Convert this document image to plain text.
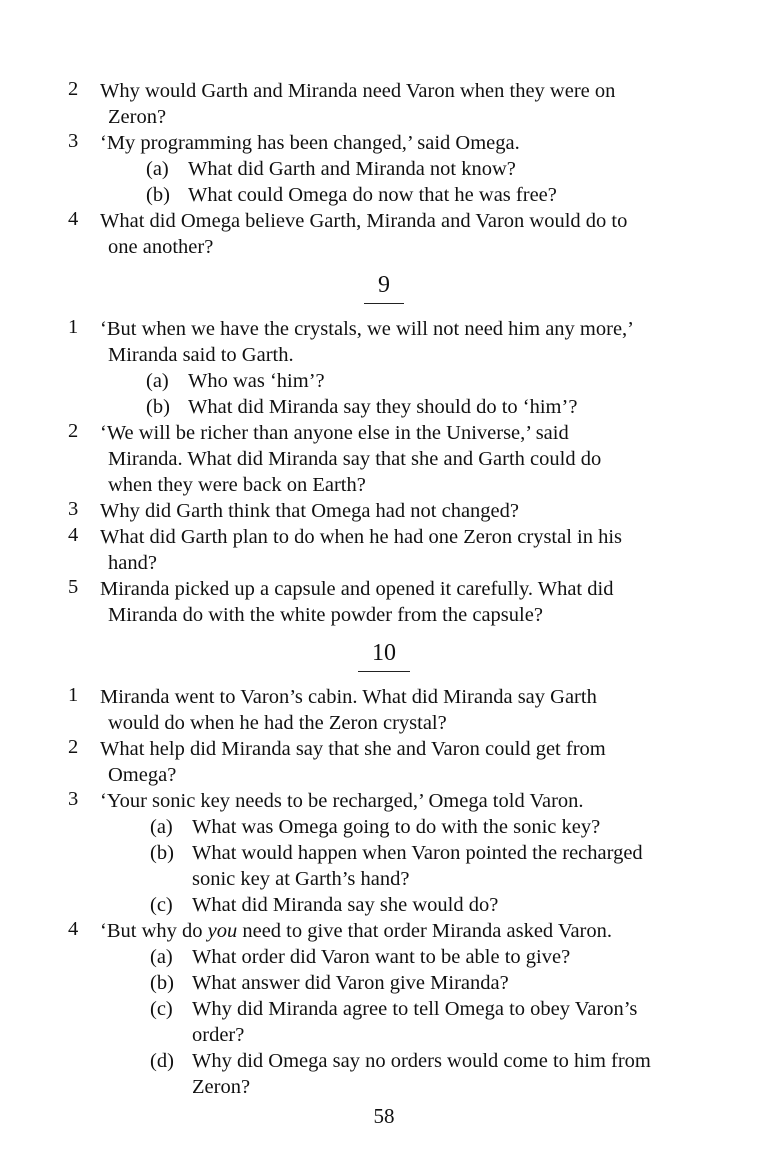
2	Why would Garth and Miranda need Varon when they were on
Zeron?
3	‘My programming has been changed,’ said Omega.
(a) What did Garth and Miranda not know?
(b) What could Omega do now that he was free?
4	What did Omega believe Garth, Miranda and Varon would do to
one another?
9
1	‘But when we have the crystals, we will not need him any more,’
Miranda said to Garth.
(a) Who was ‘him’?
(b) What did Miranda say they should do to ‘him’?
2	‘We will be richer than anyone else in the Universe,’ said
Miranda. What did Miranda say that she and Garth could do
when they were back on Earth?
3	Why did Garth think that Omega had not changed?
4	What did Garth plan to do when he had one Zeron crystal in his
hand?
5	Miranda picked up a capsule and opened it carefully. What did
Miranda do with the white powder from the capsule?
10
1	Miranda went to Varon’s cabin. What did Miranda say Garth
would do when he had the Zeron crystal?
2	What help did Miranda say that she and Varon could get from
Omega?
3	‘Your sonic key needs to be recharged,’ Omega told Varon.
(a) What was Omega going to do with the sonic key?
(b) What would happen when Varon pointed the recharged
sonic key at Garth’s hand?
(c) What did Miranda say she would do?
4	‘But why do you need to give that order Miranda asked Varon.
(a) What order did Varon want to be able to give?
(b) What answer did Varon give Miranda?
(c) Why did Miranda agree to tell Omega to obey Varon’s
order?
(d) Why did Omega say no orders would come to him from
Zeron?
58
